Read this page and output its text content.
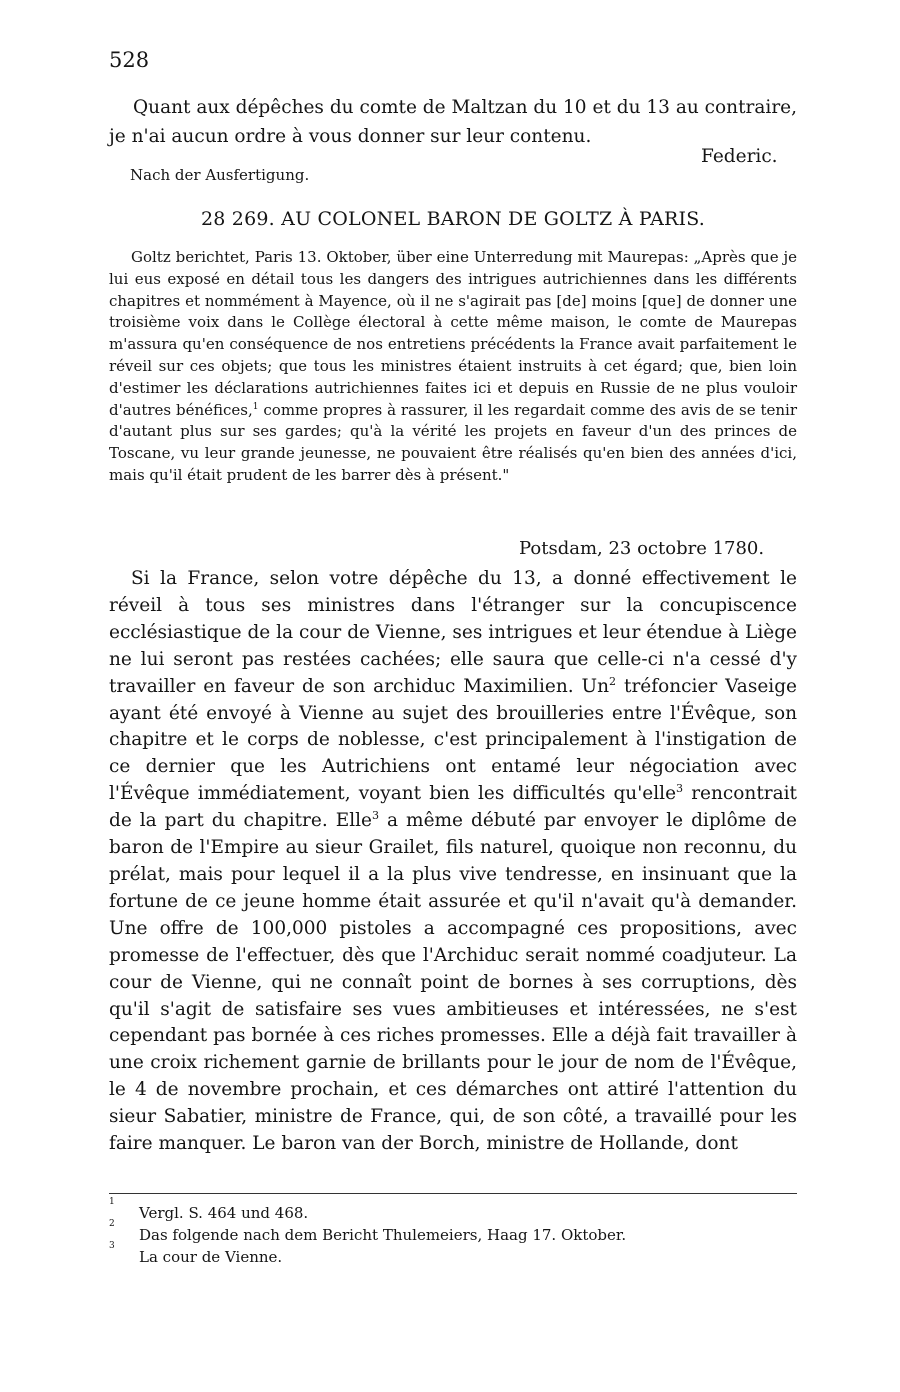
528
Quant aux dépêches du comte de Maltzan du 10 et du 13 au contraire, je n'ai aucun ordre à vous donner sur leur contenu.
Federic.
Nach der Ausfertigung.
28 269. AU COLONEL BARON DE GOLTZ À PARIS.
Goltz berichtet, Paris 13. Oktober, über eine Unterredung mit Maurepas: „Après que je lui eus exposé en détail tous les dangers des intrigues autrichiennes dans les différents chapitres et nommément à Mayence, où il ne s'agirait pas [de] moins [que] de donner une troisième voix dans le Collège électoral à cette même maison, le comte de Maurepas m'assura qu'en conséquence de nos entretiens précédents la France avait parfaitement le réveil sur ces objets; que tous les ministres étaient instruits à cet égard; que, bien loin d'estimer les déclarations autrichiennes faites ici et depuis en Russie de ne plus vouloir d'autres bénéfices,$^1$ comme propres à rassurer, il les regardait comme des avis de se tenir d'autant plus sur ses gardes; qu'à la vérité les projets en faveur d'un des princes de Toscane, vu leur grande jeunesse, ne pouvaient être réalisés qu'en bien des années d'ici, mais qu'il était prudent de les barrer dès à présent."
Potsdam, 23 octobre 1780.
Si la France, selon votre dépêche du 13, a donné effectivement le réveil à tous ses ministres dans l'étranger sur la concupiscence ecclésiastique de la cour de Vienne, ses intrigues et leur étendue à Liège ne lui seront pas restées cachées; elle saura que celle-ci n'a cessé d'y travailler en faveur de son archiduc Maximilien. Un$^2$ tréfoncier Vaseige ayant été envoyé à Vienne au sujet des brouilleries entre l'Évêque, son chapitre et le corps de noblesse, c'est principalement à l'instigation de ce dernier que les Autrichiens ont entamé leur négociation avec l'Évêque immédiatement, voyant bien les difficultés qu'elle$^3$ rencontrait de la part du chapitre. Elle$^3$ a même débuté par envoyer le diplôme de baron de l'Empire au sieur Grailet, fils naturel, quoique non reconnu, du prélat, mais pour lequel il a la plus vive tendresse, en insinuant que la fortune de ce jeune homme était assurée et qu'il n'avait qu'à demander. Une offre de 100,000 pistoles a accompagné ces propositions, avec promesse de l'effectuer, dès que l'Archiduc serait nommé coadjuteur. La cour de Vienne, qui ne connaît point de bornes à ses corruptions, dès qu'il s'agit de satisfaire ses vues ambitieuses et intéressées, ne s'est cependant pas bornée à ces riches promesses. Elle a déjà fait travailler à une croix richement garnie de brillants pour le jour de nom de l'Évêque, le 4 de novembre prochain, et ces démarches ont attiré l'attention du sieur Sabatier, ministre de France, qui, de son côté, a travaillé pour les faire manquer. Le baron van der Borch, ministre de Hollande, dont
1
Vergl. S. 464 und 468.
2
Das folgende nach dem Bericht Thulemeiers, Haag 17. Oktober.
3
La cour de Vienne.
